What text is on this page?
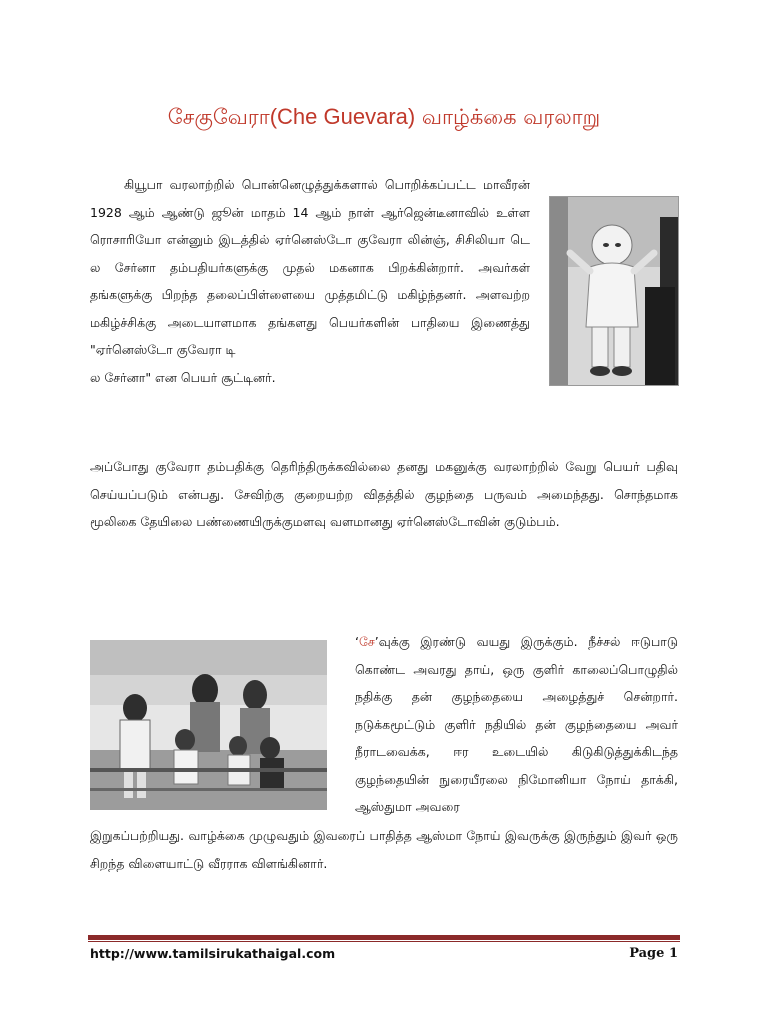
சேகுவேரா(Che Guevara) வாழ்க்கை வரலாறு

கியூபா வரலாற்றில் பொன்னெழுத்துக்களால் பொறிக்கப்பட்ட மாவீரன் 1928 ஆம் ஆண்டு ஜூன் மாதம் 14 ஆம் நாள் ஆர்ஜென்டீனாவில் உள்ள ரொசாரியோ என்னும் இடத்தில் ஏர்னெஸ்டோ குவேரா லின்ஞ், சிசிலியா டெ ல சேர்னா தம்பதியர்களுக்கு முதல் மகனாக பிறக்கின்றார். அவர்கள் தங்களுக்கு பிறந்த தலைப்பிள்ளையை முத்தமிட்டு மகிழ்ந்தனர். அளவற்ற மகிழ்ச்சிக்கு அடையாளமாக தங்களது பெயர்களின் பாதியை இணைத்து "ஏர்னெஸ்டோ குவேரா டி

ல சேர்னா" என பெயர் சூட்டினர்.

அப்போது குவேரா தம்பதிக்கு தெரிந்திருக்கவில்லை தனது மகனுக்கு வரலாற்றில் வேறு பெயர் பதிவு செய்யப்படும் என்பது. சேவிற்கு குறையற்ற விதத்தில் குழந்தை பருவம் அமைந்தது. சொந்தமாக மூலிகை தேயிலை பண்ணையிருக்குமளவு வளமானது ஏர்னெஸ்டோவின் குடும்பம்.

‘சே’வுக்கு இரண்டு வயது இருக்கும். நீச்சல் ஈடுபாடு கொண்ட அவரது தாய், ஒரு குளிர் காலைப்பொழுதில் நதிக்கு தன் குழந்தையை அழைத்துச் சென்றார். நடுக்கமூட்டும் குளிர் நதியில் தன் குழந்தையை அவர் நீராடவைக்க, ஈர உடையில் கிடுகிடுத்துக்கிடந்த குழந்தையின் நுரையீரலை நிமோனியா நோய் தாக்கி, ஆஸ்துமா அவரை

இறுகப்பற்றியது. வாழ்க்கை முழுவதும் இவரைப் பாதித்த ஆஸ்மா நோய் இவருக்கு இருந்தும் இவர் ஒரு சிறந்த விளையாட்டு வீரராக விளங்கினார்.

http://www.tamilsirukathaigal.com	Page 1
